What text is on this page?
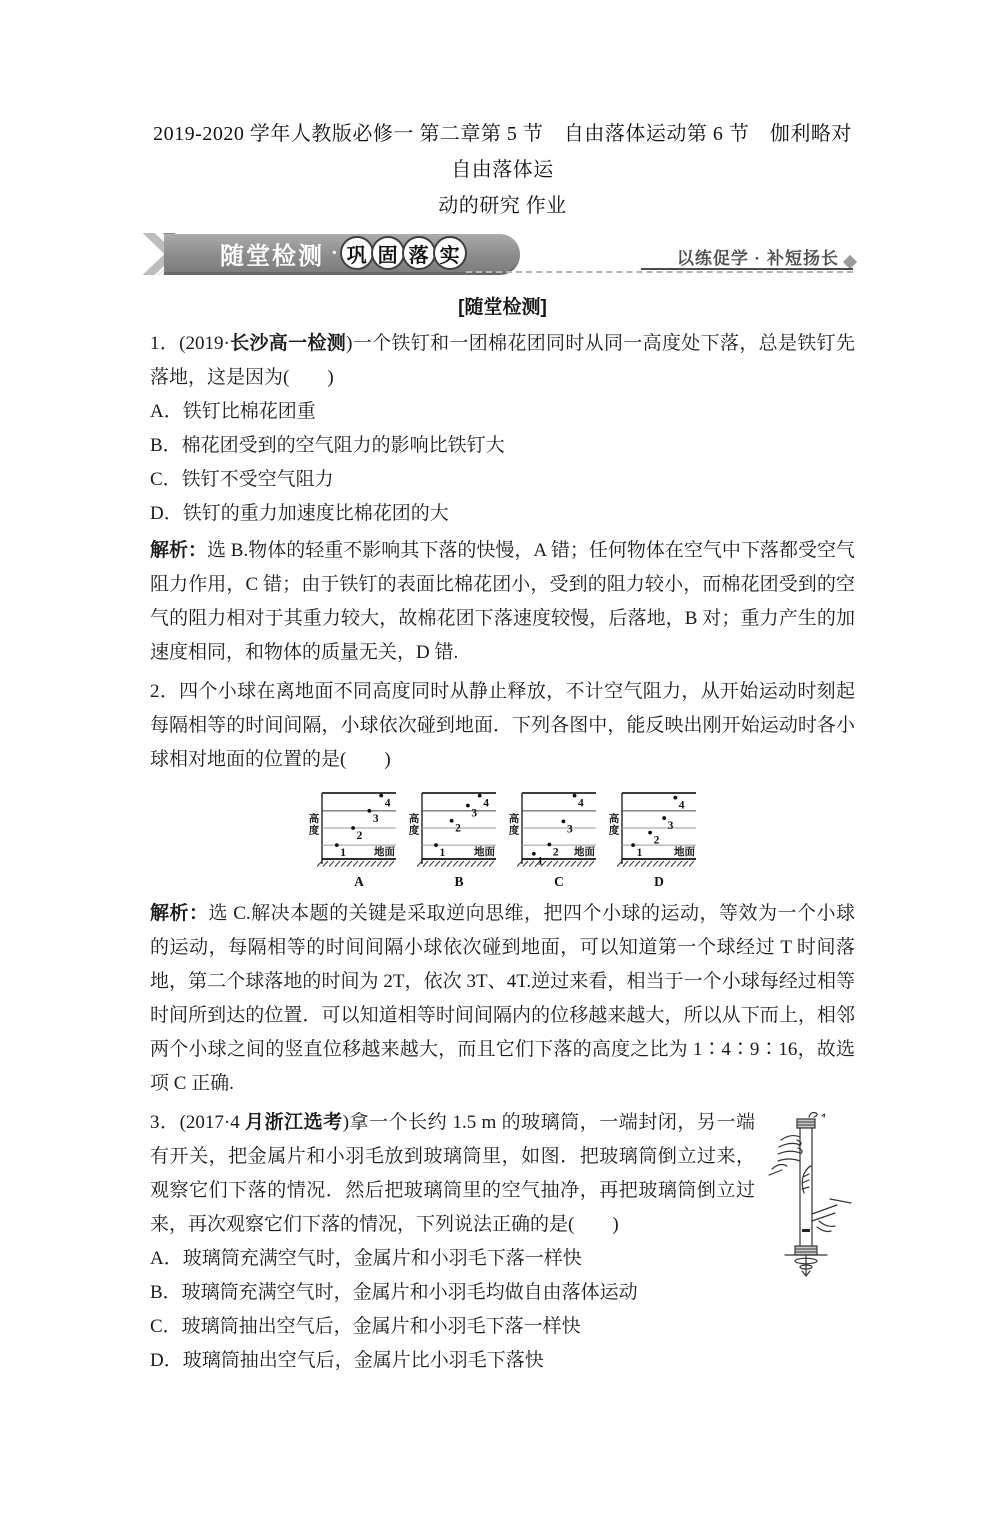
2019-2020 学年人教版必修一 第二章第 5 节　自由落体运动第 6 节　伽利略对自由落体运
动的研究 作业
随堂检测 · 巩 固 落 实	以练促学 · 补短扬长
[随堂检测]

1．(2019·长沙高一检测)一个铁钉和一团棉花团同时从同一高度处下落，总是铁钉先落地，这是因为(　　)

A．铁钉比棉花团重

B．棉花团受到的空气阻力的影响比铁钉大

C．铁钉不受空气阻力

D．铁钉的重力加速度比棉花团的大

解析：选 B.物体的轻重不影响其下落的快慢，A 错；任何物体在空气中下落都受空气阻力作用，C 错；由于铁钉的表面比棉花团小，受到的阻力较小，而棉花团受到的空气的阻力相对于其重力较大，故棉花团下落速度较慢，后落地，B 对；重力产生的加速度相同，和物体的质量无关，D 错.

2．四个小球在离地面不同高度同时从静止释放，不计空气阻力，从开始运动时刻起每隔相等的时间间隔，小球依次碰到地面．下列各图中，能反映出刚开始运动时各小球相对地面的位置的是(　　)

高度
地面
1
2
3
4
A
高度
地面
1
2
3
4
B
高度
地面
1
2
3
4
C
高度
地面
1
2
3
4
D

解析：选 C.解决本题的关键是采取逆向思维，把四个小球的运动，等效为一个小球的运动，每隔相等的时间间隔小球依次碰到地面，可以知道第一个球经过 T 时间落地，第二个球落地的时间为 2T，依次 3T、4T.逆过来看，相当于一个小球每经过相等时间所到达的位置．可以知道相等时间间隔内的位移越来越大，所以从下而上，相邻两个小球之间的竖直位移越来越大，而且它们下落的高度之比为 1∶4∶9∶16，故选项 C 正确.

3．(2017·4 月浙江选考)拿一个长约 1.5 m 的玻璃筒，一端封闭，另一端有开关，把金属片和小羽毛放到玻璃筒里，如图．把玻璃筒倒立过来，观察它们下落的情况．然后把玻璃筒里的空气抽净，再把玻璃筒倒立过来，再次观察它们下落的情况，下列说法正确的是(　　)

A．玻璃筒充满空气时，金属片和小羽毛下落一样快

B．玻璃筒充满空气时，金属片和小羽毛均做自由落体运动

C．玻璃筒抽出空气后，金属片和小羽毛下落一样快

D．玻璃筒抽出空气后，金属片比小羽毛下落快
